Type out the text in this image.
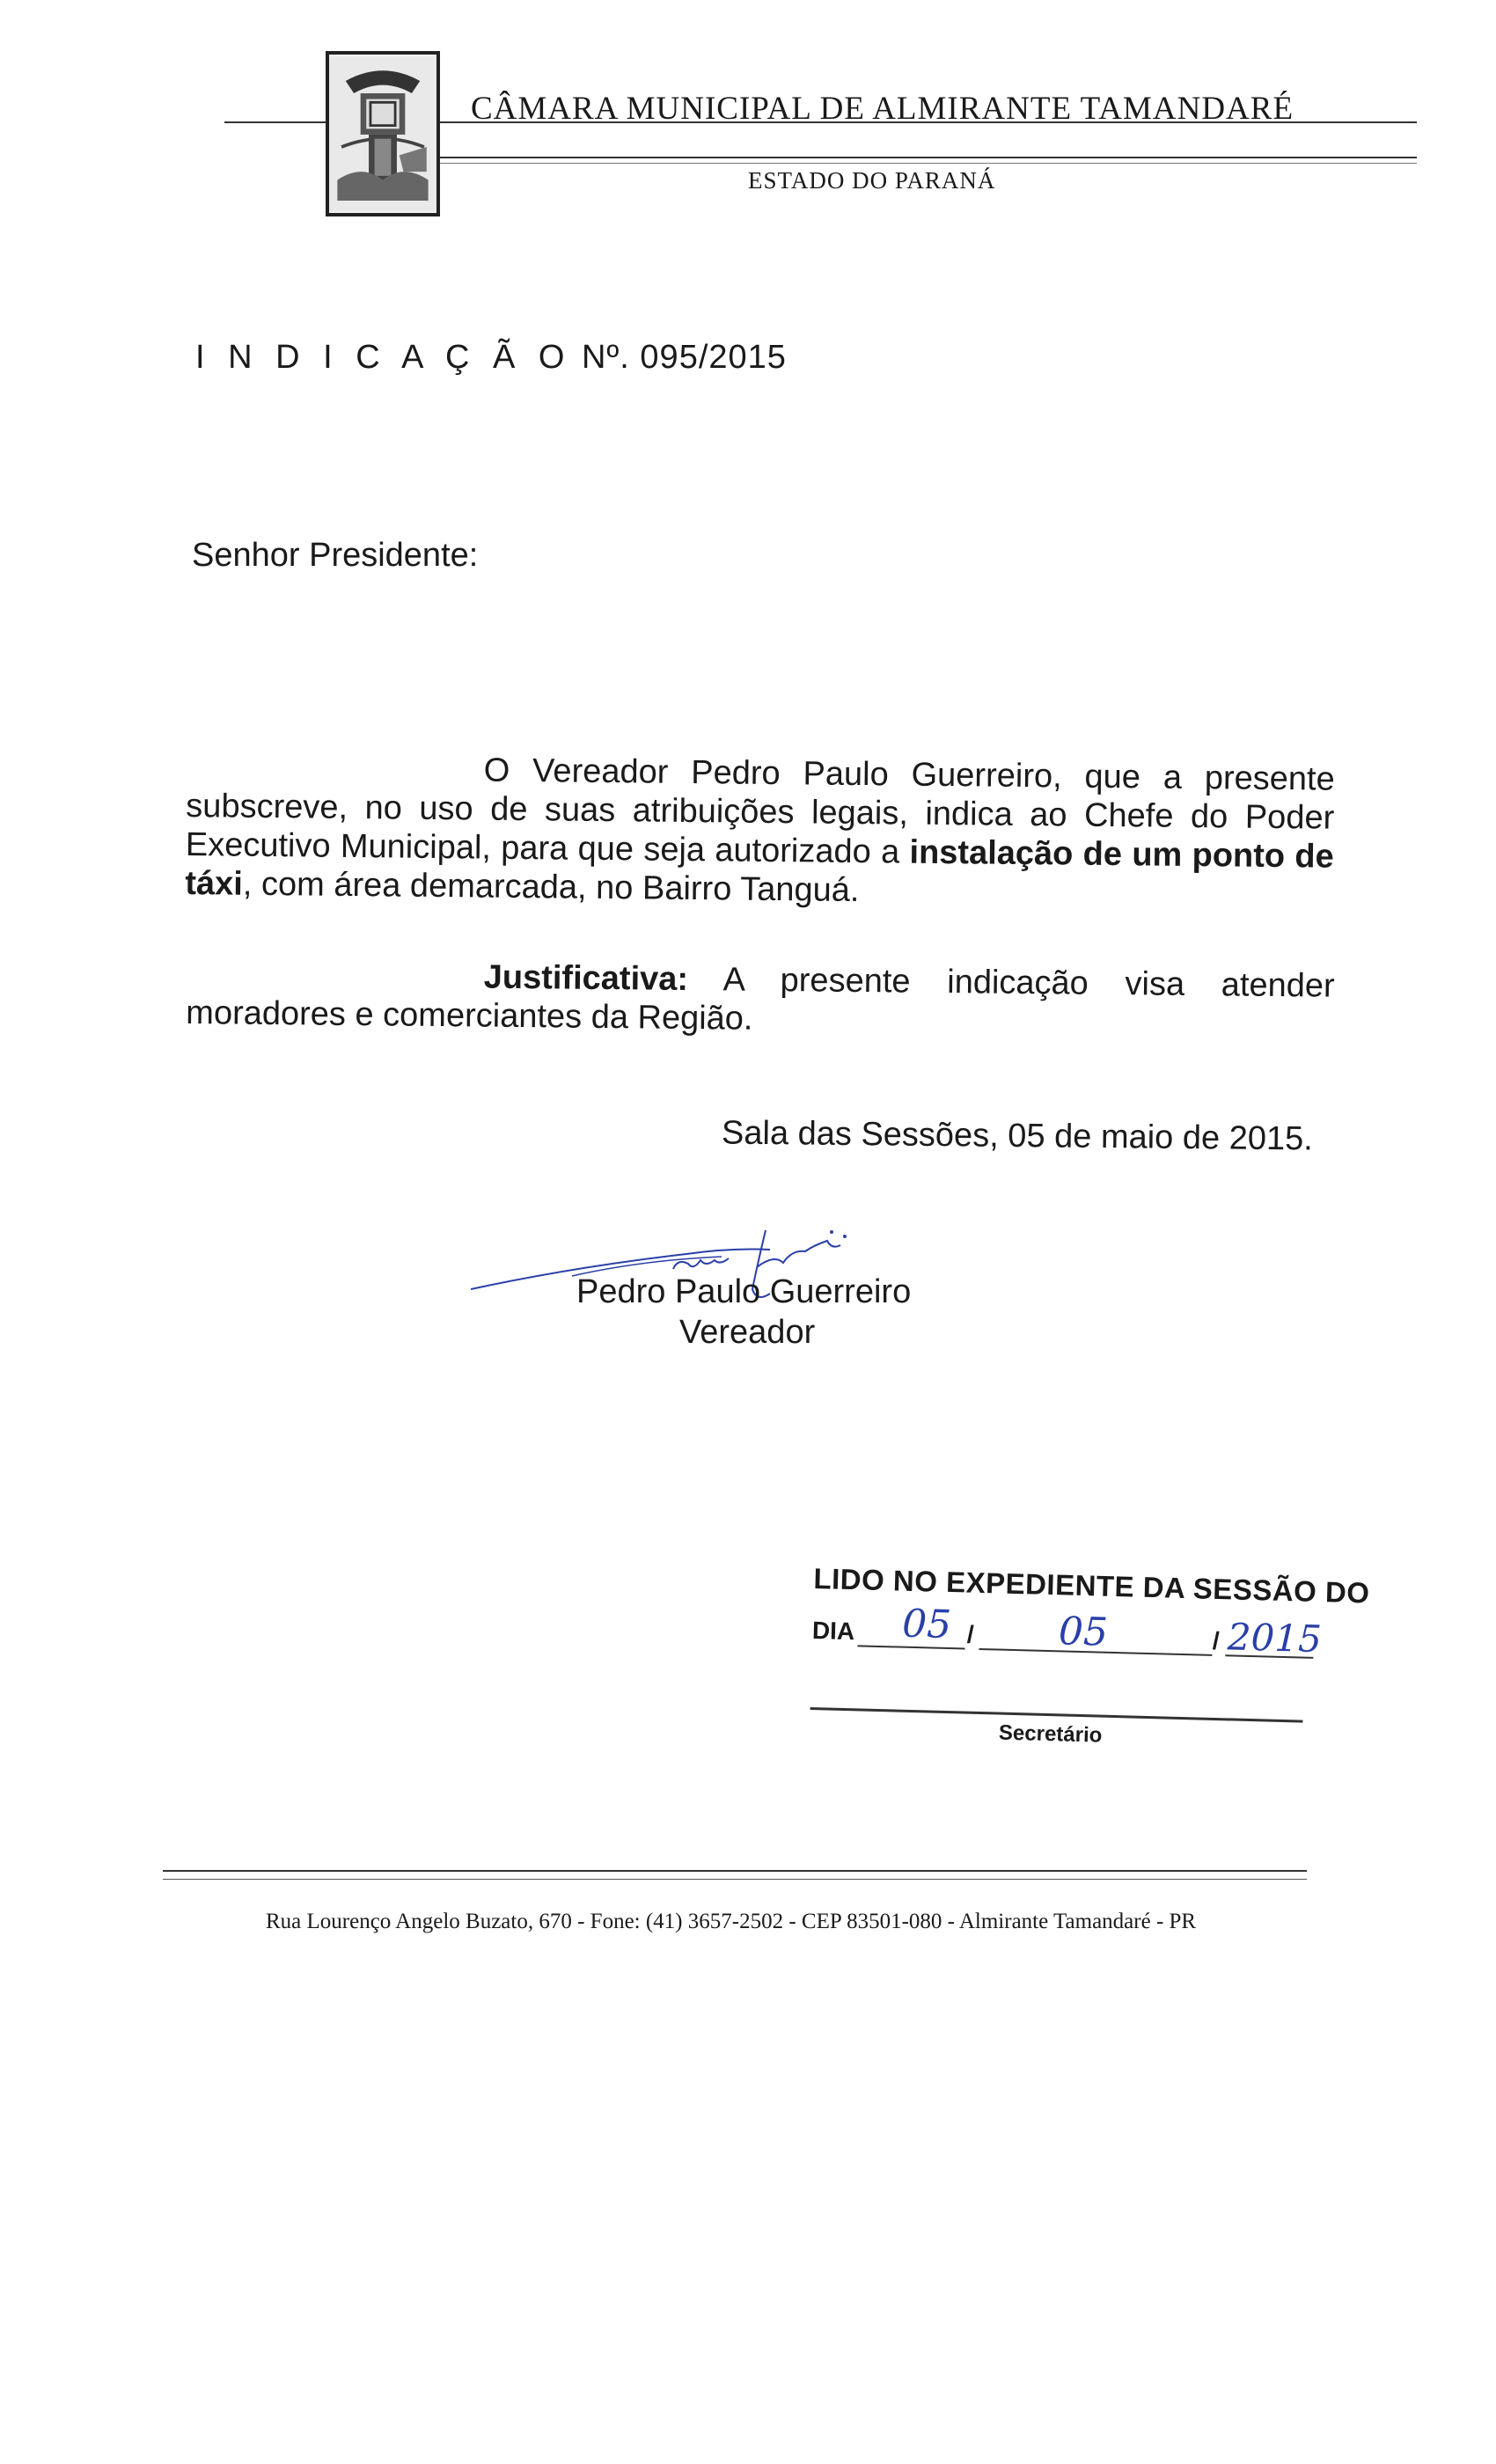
CÂMARA MUNICIPAL DE ALMIRANTE TAMANDARÉ
ESTADO DO PARANÁ
I N D I C A Ç Ã O Nº. 095/2015
Senhor Presidente:
O Vereador Pedro Paulo Guerreiro, que a presente subscreve, no uso de suas atribuições legais, indica ao Chefe do Poder Executivo Municipal, para que seja autorizado a instalação de um ponto de táxi, com área demarcada, no Bairro Tanguá.
Justificativa: A presente indicação visa atender moradores e comerciantes da Região.
Sala das Sessões, 05 de maio de 2015.
Pedro Paulo Guerreiro
Vereador
LIDO NO EXPEDIENTE DA SESSÃO DO
DIA 05 / 05	/ 2015
Secretário
Rua Lourenço Angelo Buzato, 670 - Fone: (41) 3657-2502 - CEP 83501-080 - Almirante Tamandaré - PR
